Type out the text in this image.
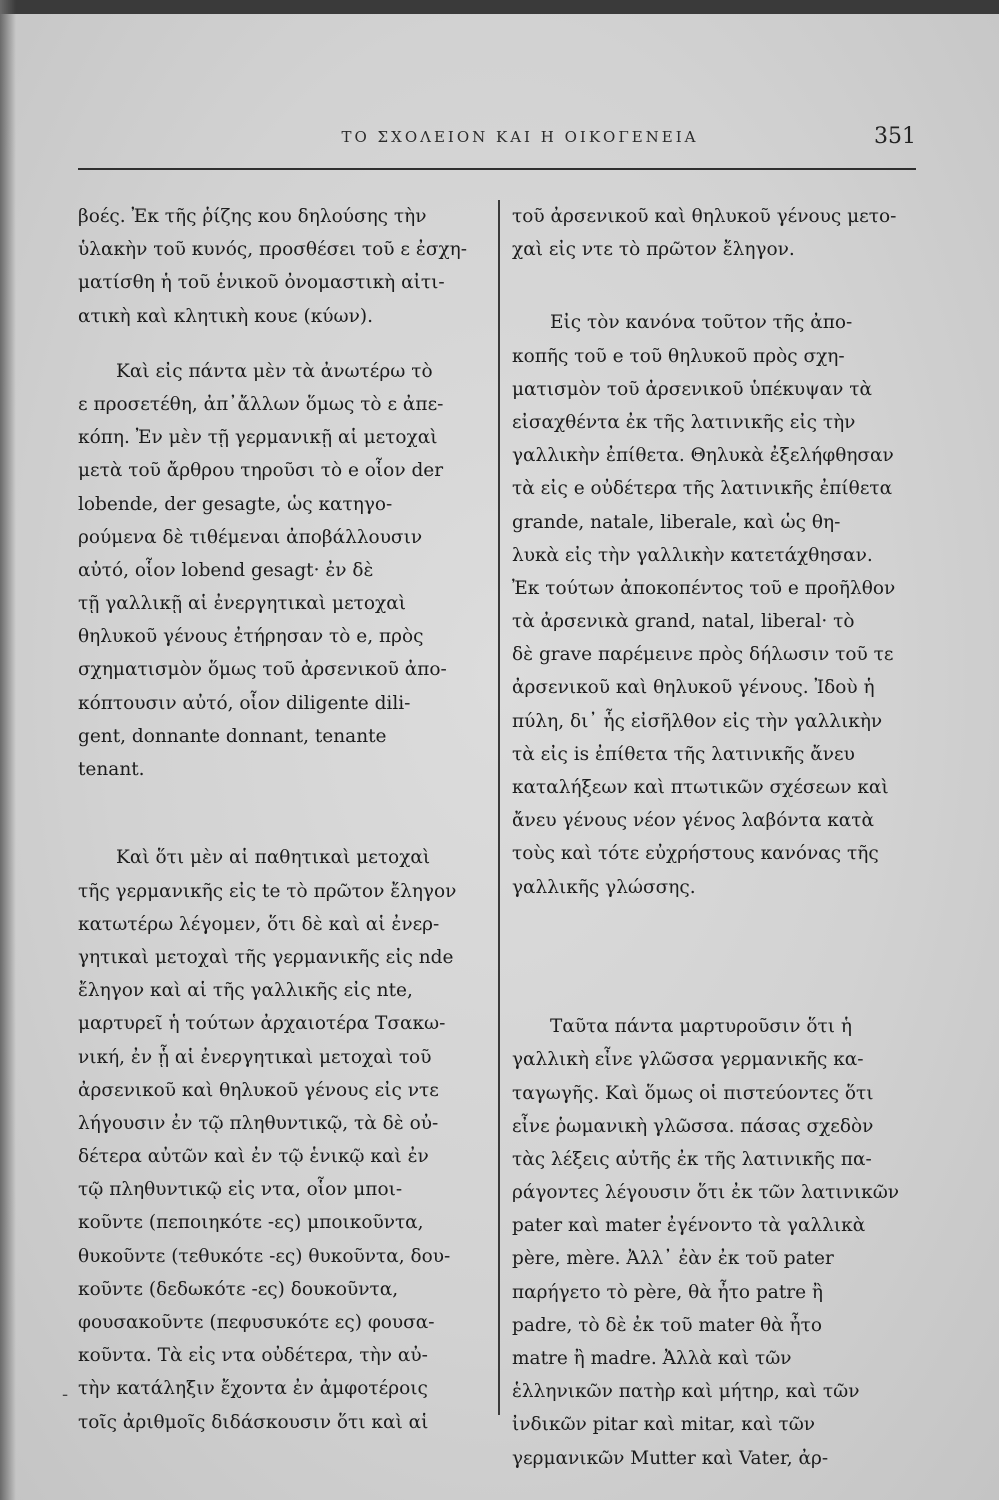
ΤΟ ΣΧΟΛΕΙΟΝ ΚΑΙ Η ΟΙΚΟΓΕΝΕΙΑ	351
βοές. Ἐκ τῆς ῥίζης κου δηλούσης τὴν
ὑλακὴν τοῦ κυνός, προσθέσει τοῦ ε ἐσχη-
ματίσθη ἡ τοῦ ἑνικοῦ ὀνομαστικὴ αἰτι-
ατικὴ καὶ κλητικὴ κουε (κύων).
Καὶ εἰς πάντα μὲν τὰ ἀνωτέρω τὸ
ε προσετέθη, ἀπ᾽ἄλλων ὅμως τὸ ε ἀπε-
κόπη. Ἐν μὲν τῇ γερμανικῇ αἱ μετοχαὶ
μετὰ τοῦ ἄρθρου τηροῦσι τὸ e οἷον der
lobende, der gesagte, ὡς κατηγο-
ρούμενα δὲ τιθέμεναι ἀποβάλλουσιν
αὐτό, οἷον lobend gesagt· ἐν δὲ
τῇ γαλλικῇ αἱ ἐνεργητικαὶ μετοχαὶ
θηλυκοῦ γένους ἐτήρησαν τὸ e, πρὸς
σχηματισμὸν ὅμως τοῦ ἀρσενικοῦ ἀπο-
κόπτουσιν αὐτό, οἷον diligente dili-
gent, donnante donnant, tenante
tenant.
Καὶ ὅτι μὲν αἱ παθητικαὶ μετοχαὶ
τῆς γερμανικῆς εἰς te τὸ πρῶτον ἔληγον
κατωτέρω λέγομεν, ὅτι δὲ καὶ αἱ ἐνερ-
γητικαὶ μετοχαὶ τῆς γερμανικῆς εἰς nde
ἔληγον καὶ αἱ τῆς γαλλικῆς εἰς nte,
μαρτυρεῖ ἡ τούτων ἀρχαιοτέρα Τσακω-
νική, ἐν ᾗ αἱ ἐνεργητικαὶ μετοχαὶ τοῦ
ἀρσενικοῦ καὶ θηλυκοῦ γένους εἰς ντε
λήγουσιν ἐν τῷ πληθυντικῷ, τὰ δὲ οὐ-
δέτερα αὐτῶν καὶ ἐν τῷ ἑνικῷ καὶ ἐν
τῷ πληθυντικῷ εἰς ντα, οἷον μποι-
κοῦντε (πεποιηκότε -ες) μποικοῦντα,
θυκοῦντε (τεθυκότε -ες) θυκοῦντα, δου-
κοῦντε (δεδωκότε -ες) δουκοῦντα,
φουσακοῦντε (πεφυσυκότε ες) φουσα-
κοῦντα. Τὰ εἰς ντα οὐδέτερα, τὴν αὐ-
τὴν κατάληξιν ἔχοντα ἐν ἀμφοτέροις
τοῖς ἀριθμοῖς διδάσκουσιν ὅτι καὶ αἱ
τοῦ ἀρσενικοῦ καὶ θηλυκοῦ γένους μετο-
χαὶ εἰς ντε τὸ πρῶτον ἔληγον.
Εἰς τὸν κανόνα τοῦτον τῆς ἀπο-
κοπῆς τοῦ e τοῦ θηλυκοῦ πρὸς σχη-
ματισμὸν τοῦ ἀρσενικοῦ ὑπέκυψαν τὰ
εἰσαχθέντα ἐκ τῆς λατινικῆς εἰς τὴν
γαλλικὴν ἐπίθετα. Θηλυκὰ ἐξελήφθησαν
τὰ εἰς e οὐδέτερα τῆς λατινικῆς ἐπίθετα
grande, natale, liberale, καὶ ὡς θη-
λυκὰ εἰς τὴν γαλλικὴν κατετάχθησαν.
Ἐκ τούτων ἀποκοπέντος τοῦ e προῆλθον
τὰ ἀρσενικὰ grand, natal, liberal· τὸ
δὲ grave παρέμεινε πρὸς δήλωσιν τοῦ τε
ἀρσενικοῦ καὶ θηλυκοῦ γένους. Ἰδοὺ ἡ
πύλη, δι᾽ ἧς εἰσῆλθον εἰς τὴν γαλλικὴν
τὰ εἰς is ἐπίθετα τῆς λατινικῆς ἄνευ
καταλήξεων καὶ πτωτικῶν σχέσεων καὶ
ἄνευ γένους νέον γένος λαβόντα κατὰ
τοὺς καὶ τότε εὐχρήστους κανόνας τῆς
γαλλικῆς γλώσσης.
Ταῦτα πάντα μαρτυροῦσιν ὅτι ἡ
γαλλικὴ εἶνε γλῶσσα γερμανικῆς κα-
ταγωγῆς. Καὶ ὅμως οἱ πιστεύοντες ὅτι
εἶνε ῥωμανικὴ γλῶσσα. πάσας σχεδὸν
τὰς λέξεις αὐτῆς ἐκ τῆς λατινικῆς πα-
ράγοντες λέγουσιν ὅτι ἐκ τῶν λατινικῶν
pater καὶ mater ἐγένοντο τὰ γαλλικὰ
père, mère. Ἀλλ᾽ ἐὰν ἐκ τοῦ pater
παρήγετο τὸ père, θὰ ἦτο patre ἢ
padre, τὸ δὲ ἐκ τοῦ mater θὰ ἦτο
matre ἢ madre. Ἀλλὰ καὶ τῶν
ἑλληνικῶν πατὴρ καὶ μήτηρ, καὶ τῶν
ἰνδικῶν pitar καὶ mitar, καὶ τῶν
γερμανικῶν Mutter καὶ Vater, ἀρ-
-
